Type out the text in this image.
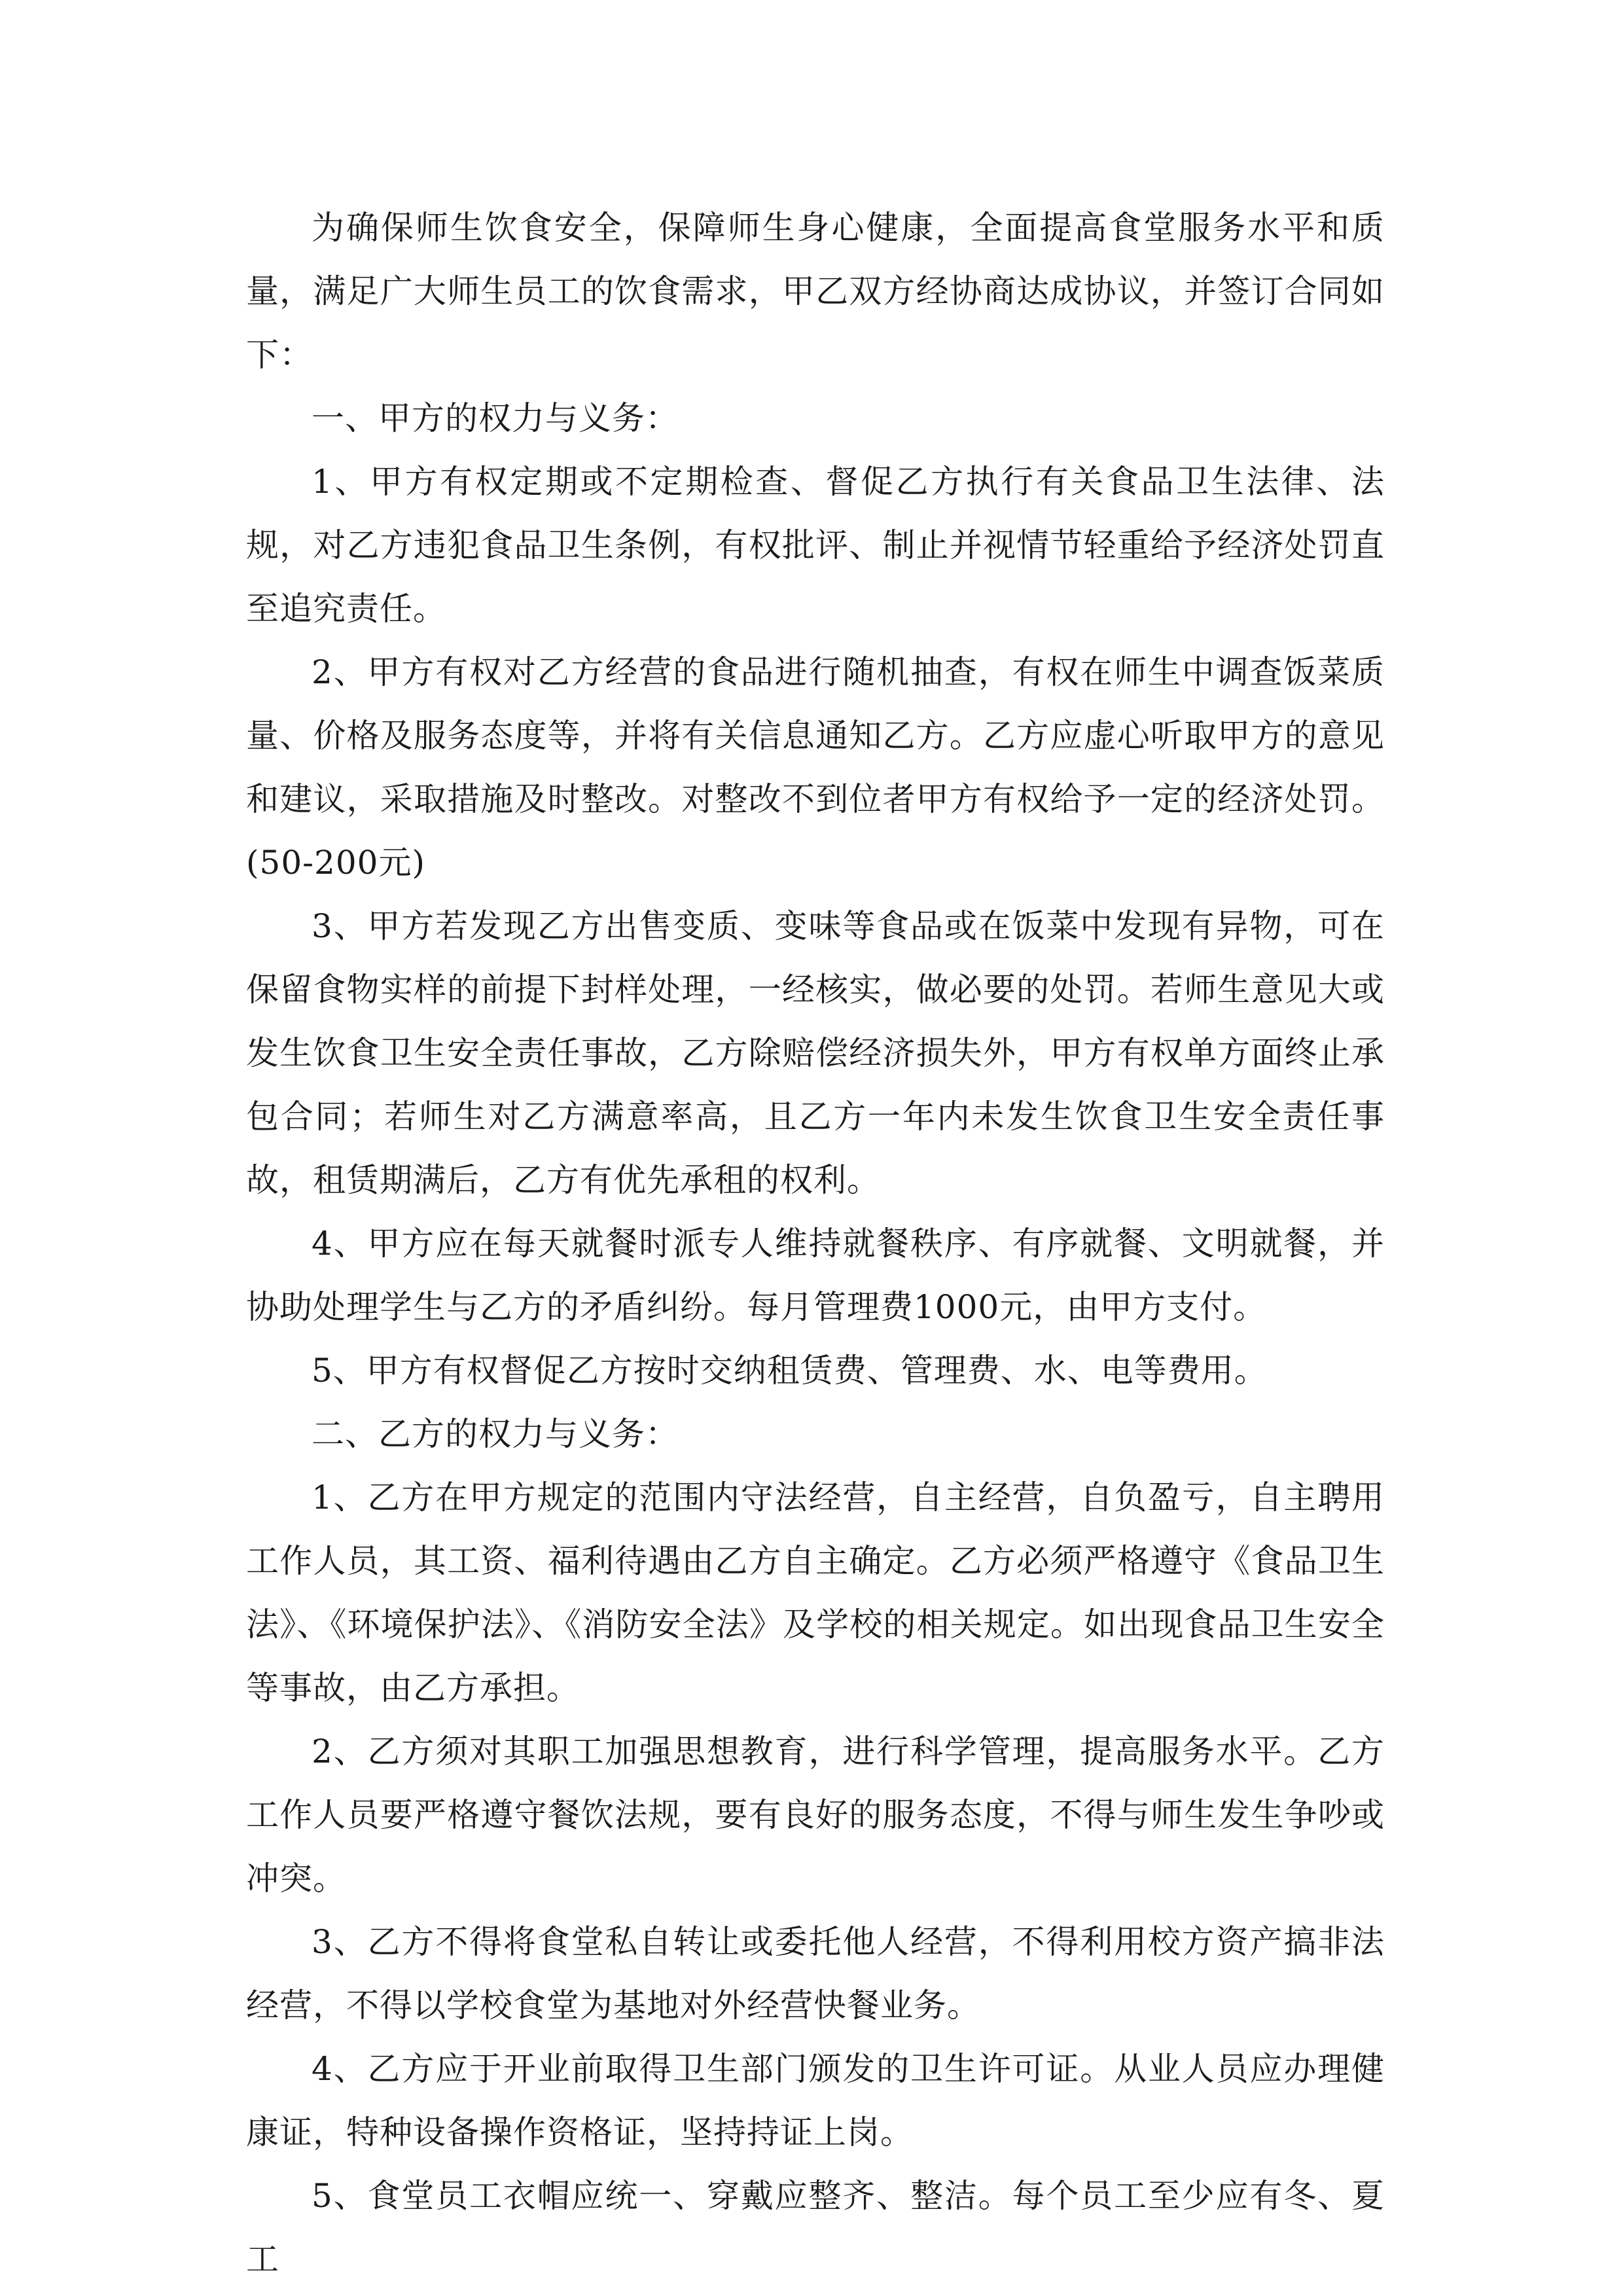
为确保师生饮食安全，保障师生身心健康，全面提高食堂服务水平和质量，满足广大师生员工的饮食需求，甲乙双方经协商达成协议，并签订合同如下：

一、甲方的权力与义务：

1、甲方有权定期或不定期检查、督促乙方执行有关食品卫生法律、法规，对乙方违犯食品卫生条例，有权批评、制止并视情节轻重给予经济处罚直至追究责任。

2、甲方有权对乙方经营的食品进行随机抽查，有权在师生中调查饭菜质量、价格及服务态度等，并将有关信息通知乙方。乙方应虚心听取甲方的意见和建议，采取措施及时整改。对整改不到位者甲方有权给予一定的经济处罚。(50-200元)

3、甲方若发现乙方出售变质、变味等食品或在饭菜中发现有异物，可在保留食物实样的前提下封样处理，一经核实，做必要的处罚。若师生意见大或发生饮食卫生安全责任事故，乙方除赔偿经济损失外，甲方有权单方面终止承包合同；若师生对乙方满意率高，且乙方一年内未发生饮食卫生安全责任事故，租赁期满后，乙方有优先承租的权利。

4、甲方应在每天就餐时派专人维持就餐秩序、有序就餐、文明就餐，并协助处理学生与乙方的矛盾纠纷。每月管理费1000元，由甲方支付。

5、甲方有权督促乙方按时交纳租赁费、管理费、水、电等费用。

二、乙方的权力与义务：

1、乙方在甲方规定的范围内守法经营，自主经营，自负盈亏，自主聘用工作人员，其工资、福利待遇由乙方自主确定。乙方必须严格遵守《食品卫生法》、《环境保护法》、《消防安全法》及学校的相关规定。如出现食品卫生安全等事故，由乙方承担。

2、乙方须对其职工加强思想教育，进行科学管理，提高服务水平。乙方工作人员要严格遵守餐饮法规，要有良好的服务态度，不得与师生发生争吵或冲突。

3、乙方不得将食堂私自转让或委托他人经营，不得利用校方资产搞非法经营，不得以学校食堂为基地对外经营快餐业务。

4、乙方应于开业前取得卫生部门颁发的卫生许可证。从业人员应办理健康证，特种设备操作资格证，坚持持证上岗。

5、食堂员工衣帽应统一、穿戴应整齐、整洁。每个员工至少应有冬、夏工
